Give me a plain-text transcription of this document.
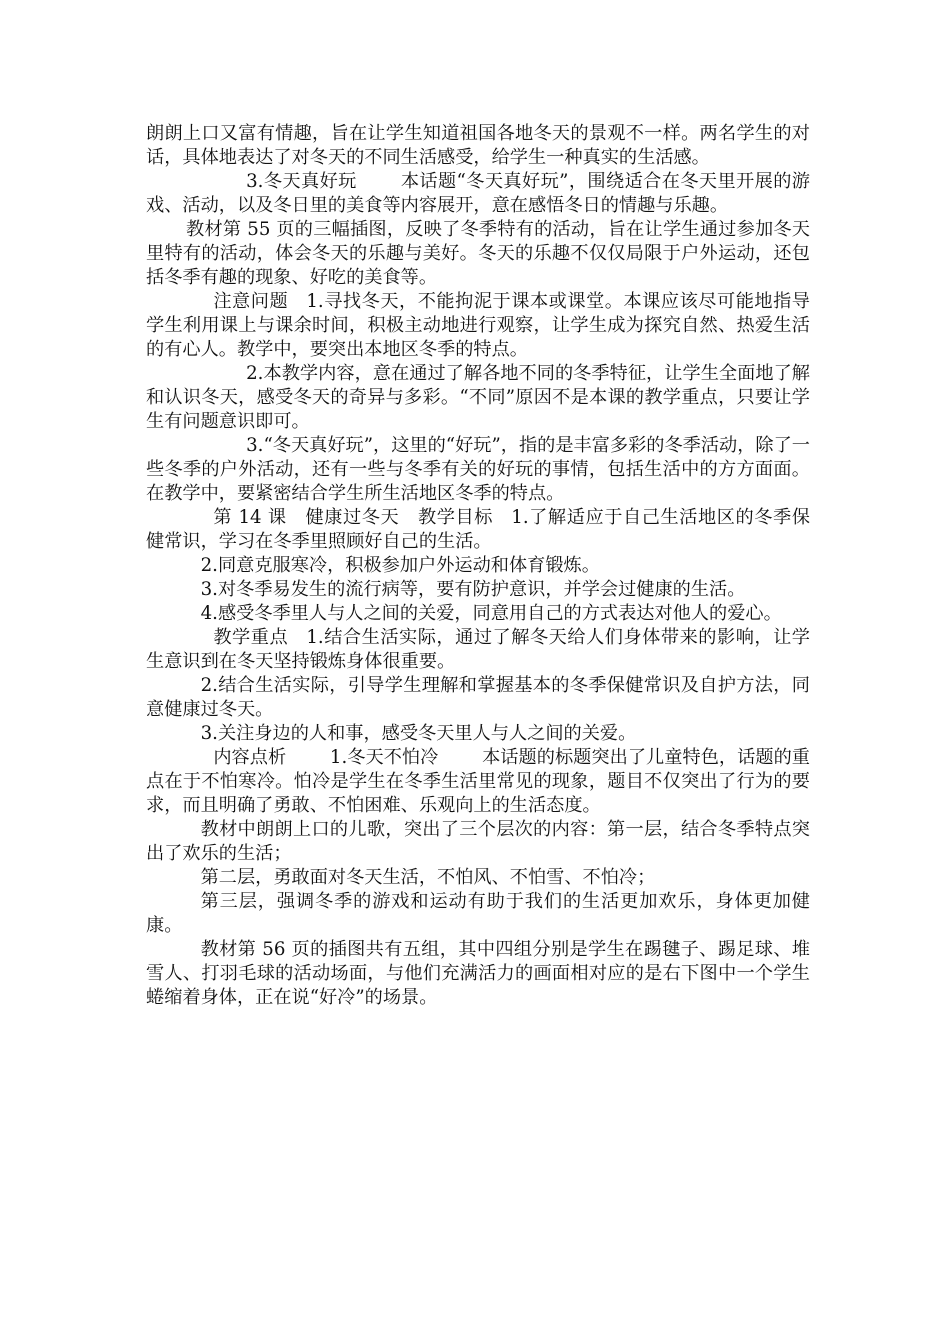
朗朗上口又富有情趣，旨在让学生知道祖国各地冬天的景观不一样。两名学生的对话，具体地表达了对冬天的不同生活感受，给学生一种真实的生活感。

3.冬天真好玩 本话题“冬天真好玩”，围绕适合在冬天里开展的游戏、活动，以及冬日里的美食等内容展开，意在感悟冬日的情趣与乐趣。

教材第 55 页的三幅插图，反映了冬季特有的活动，旨在让学生通过参加冬天里特有的活动，体会冬天的乐趣与美好。冬天的乐趣不仅仅局限于户外运动，还包括冬季有趣的现象、好吃的美食等。

注意问题 1.寻找冬天，不能拘泥于课本或课堂。本课应该尽可能地指导学生利用课上与课余时间，积极主动地进行观察，让学生成为探究自然、热爱生活的有心人。教学中，要突出本地区冬季的特点。

2.本教学内容，意在通过了解各地不同的冬季特征，让学生全面地了解和认识冬天，感受冬天的奇异与多彩。“不同”原因不是本课的教学重点，只要让学生有问题意识即可。

3.“冬天真好玩”，这里的“好玩”，指的是丰富多彩的冬季活动，除了一些冬季的户外活动，还有一些与冬季有关的好玩的事情，包括生活中的方方面面。在教学中，要紧密结合学生所生活地区冬季的特点。

第 14 课 健康过冬天 教学目标 1.了解适应于自己生活地区的冬季保健常识，学习在冬季里照顾好自己的生活。

2.同意克服寒冷，积极参加户外运动和体育锻炼。

3.对冬季易发生的流行病等，要有防护意识，并学会过健康的生活。

4.感受冬季里人与人之间的关爱，同意用自己的方式表达对他人的爱心。

教学重点 1.结合生活实际，通过了解冬天给人们身体带来的影响，让学生意识到在冬天坚持锻炼身体很重要。

2.结合生活实际，引导学生理解和掌握基本的冬季保健常识及自护方法，同意健康过冬天。

3.关注身边的人和事，感受冬天里人与人之间的关爱。

内容点析 1.冬天不怕冷 本话题的标题突出了儿童特色，话题的重点在于不怕寒冷。怕冷是学生在冬季生活里常见的现象，题目不仅突出了行为的要求，而且明确了勇敢、不怕困难、乐观向上的生活态度。

教材中朗朗上口的儿歌，突出了三个层次的内容：第一层，结合冬季特点突出了欢乐的生活；

第二层，勇敢面对冬天生活，不怕风、不怕雪、不怕冷；

第三层，强调冬季的游戏和运动有助于我们的生活更加欢乐，身体更加健康。

教材第 56 页的插图共有五组，其中四组分别是学生在踢毽子、踢足球、堆雪人、打羽毛球的活动场面，与他们充满活力的画面相对应的是右下图中一个学生蜷缩着身体，正在说“好冷”的场景。
